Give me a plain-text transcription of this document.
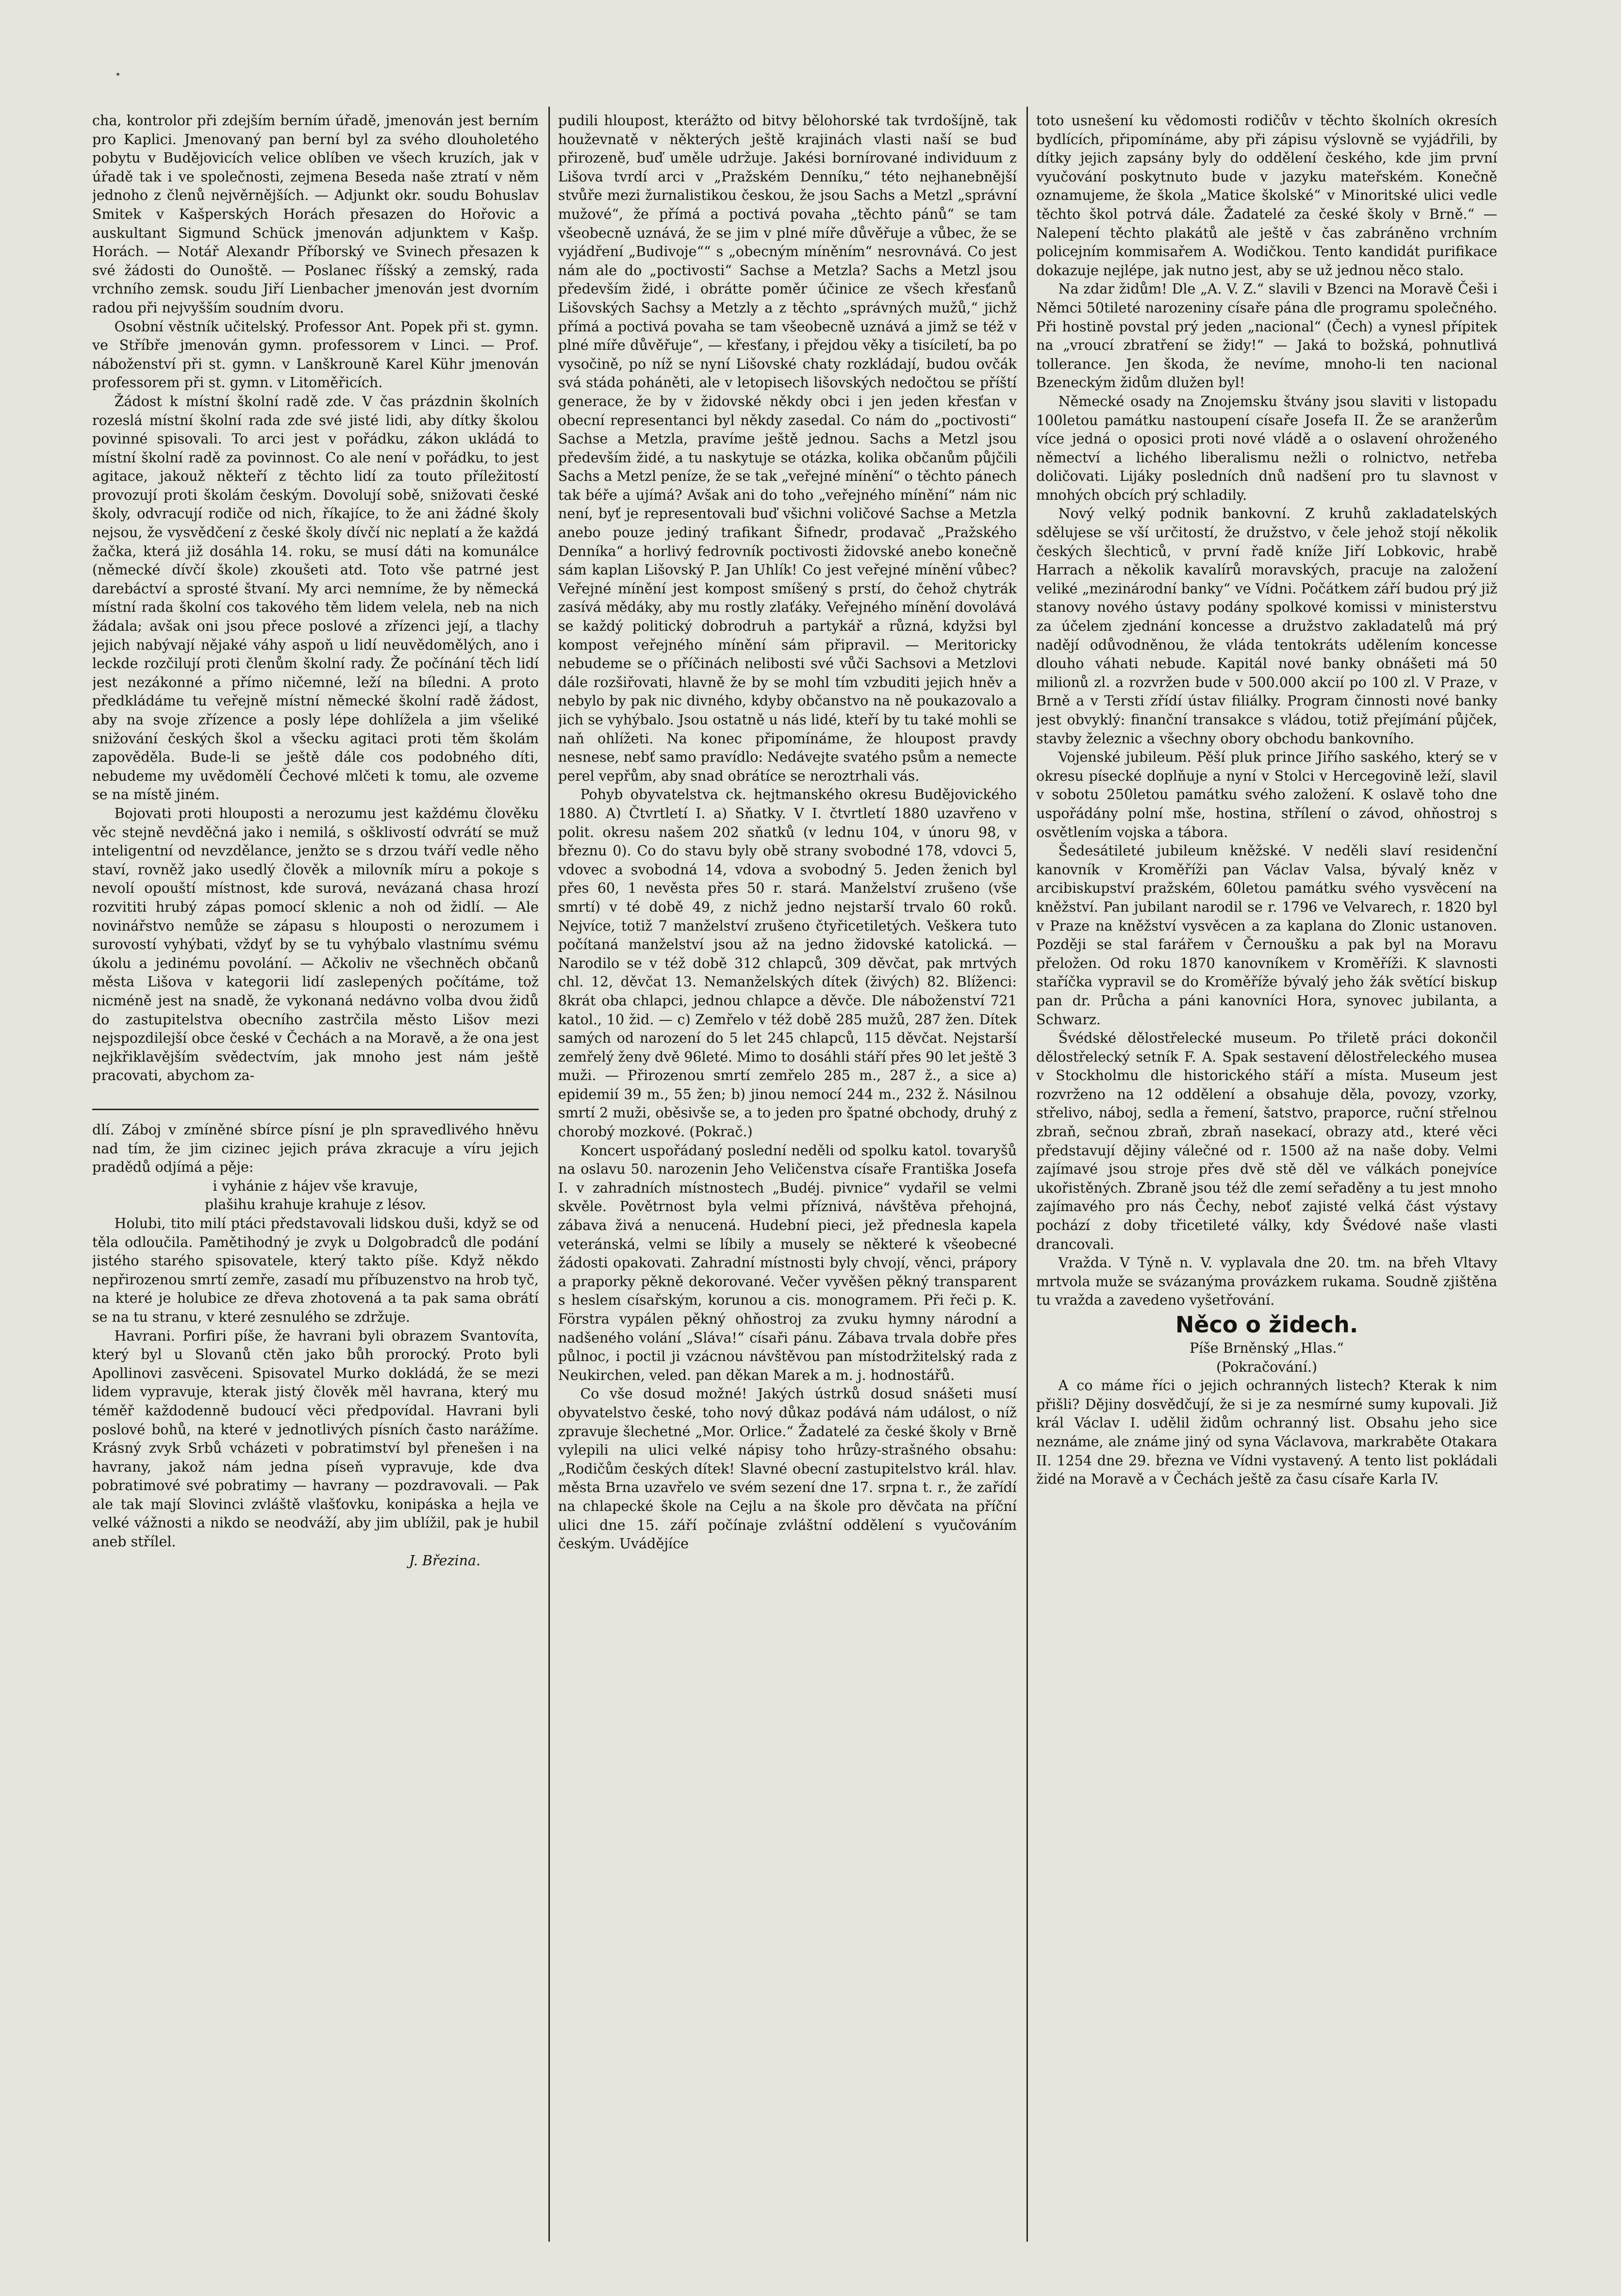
cha, kontrolor při zdejším berním úřadě, jmenován jest berním pro Kaplici. Jmenovaný pan berní byl za svého dlouholetého pobytu v Budějovicích velice oblíben ve všech kruzích, jak v úřadě tak i ve společnosti, zejmena Beseda naše ztratí v něm jednoho z členů nejvěrnějších. — Adjunkt okr. soudu Bohuslav Smitek v Kašperských Horách přesazen do Hořovic a auskultant Sigmund Schück jmenován adjunktem v Kašp. Horách. — Notář Alexandr Příborský ve Svinech přesazen k své žádosti do Ounoště. — Poslanec říšský a zemský, rada vrchního zemsk. soudu Jiří Lienbacher jmenován jest dvorním radou při nejvyšším soudním dvoru.

Osobní věstník učitelský. Professor Ant. Popek při st. gymn. ve Stříbře jmenován gymn. professorem v Linci. — Prof. náboženství při st. gymn. v Lanškrouně Karel Kühr jmenován professorem při st. gymn. v Litoměřicích.

Žádost k místní školní radě zde. V čas prázdnin školních rozeslá místní školní rada zde své jisté lidi, aby dítky školou povinné spisovali. To arci jest v pořádku, zákon ukládá to místní školní radě za povinnost. Co ale není v pořádku, to jest agitace, jakouž někteří z těchto lidí za touto příležitostí provozují proti školám českým. Dovolují sobě, snižovati české školy, odvracují rodiče od nich, říkajíce, to že ani žádné školy nejsou, že vysvědčení z české školy dívčí nic neplatí a že každá žačka, která již dosáhla 14. roku, se musí dáti na komunálce (německé dívčí škole) zkoušeti atd. Toto vše patrné jest darebáctví a sprosté štvaní. My arci nemníme, že by německá místní rada školní cos takového těm lidem velela, neb na nich žádala; avšak oni jsou přece poslové a zřízenci její, a tlachy jejich nabývají nějaké váhy aspoň u lidí neuvědomělých, ano i leckde rozčilují proti členům školní rady. Že počínání těch lidí jest nezákonné a přímo ničemné, leží na bíledni. A proto předkládáme tu veřejně místní německé školní radě žádost, aby na svoje zřízence a posly lépe dohlížela a jim všeliké snižování českých škol a všecku agitaci proti těm školám zapověděla. Bude-li se ještě dále cos podobného díti, nebudeme my uvědomělí Čechové mlčeti k tomu, ale ozveme se na místě jiném.

Bojovati proti hlouposti a nerozumu jest každému člověku věc stejně nevděčná jako i nemilá, s ošklivostí odvrátí se muž inteligentní od nevzdělance, jenžto se s drzou tváří vedle něho staví, rovněž jako usedlý člověk a milovník míru a pokoje s nevolí opouští místnost, kde surová, nevázaná chasa hrozí rozvititi hrubý zápas pomocí sklenic a noh od židlí. — Ale novinářstvo nemůže se zápasu s hlouposti o nerozumem i surovostí vyhýbati, vždyť by se tu vyhýbalo vlastnímu svému úkolu a jedinému povolání. — Ačkoliv ne všechněch občanů města Lišova v kategorii lidí zaslepených počítáme, tož nicméně jest na snadě, že vykonaná nedávno volba dvou židů do zastupitelstva obecního zastrčila město Lišov mezi nejspozdilejší obce české v Čechách a na Moravě, a že ona jest nejkřiklavějším svědectvím, jak mnoho jest nám ještě pracovati, abychom za-

dlí. Záboj v zmíněné sbírce písní je pln spravedlivého hněvu nad tím, že jim cizinec jejich práva zkracuje a víru jejich pradědů odjímá a pěje:

i vyhánie z hájev vše kravuje,

plašihu krahuje krahuje z lésov.

Holubi, tito milí ptáci představovali lidskou duši, když se od těla odloučila. Pamětihodný je zvyk u Dolgobradců dle podání jistého starého spisovatele, který takto píše. Když někdo nepřirozenou smrtí zemře, zasadí mu příbuzenstvo na hrob tyč, na které je holubice ze dřeva zhotovená a ta pak sama obrátí se na tu stranu, v které zesnulého se zdržuje.

Havrani. Porfiri píše, že havrani byli obrazem Svantovíta, který byl u Slovanů ctěn jako bůh prorocký. Proto byli Apollinovi zasvěceni. Spisovatel Murko dokládá, že se mezi lidem vypravuje, kterak jistý člověk měl havrana, který mu téměř každodenně budoucí věci předpovídal. Havrani byli poslové bohů, na které v jednotlivých písních často narážíme. Krásný zvyk Srbů vcházeti v pobratimství byl přenešen i na havrany, jakož nám jedna píseň vypravuje, kde dva pobratimové své pobratimy — havrany — pozdravovali. — Pak ale tak mají Slovinci zvláště vlašťovku, konipáska a hejla ve velké vážnosti a nikdo se neodváží, aby jim ublížil, pak je hubil aneb střílel.

J. Březina.

pudili hloupost, kterážto od bitvy bělohorské tak tvrdošíjně, tak houževnatě v některých ještě krajinách vlasti naší se buď přirozeně, buď uměle udržuje. Jakési bornírované individuum z Lišova tvrdí arci v „Pražském Denníku,“ této nejhanebnější stvůře mezi žurnalistikou českou, že jsou Sachs a Metzl „správní mužové“, že přímá a poctivá povaha „těchto pánů“ se tam všeobecně uznává, že se jim v plné míře důvěřuje a vůbec, že se vyjádření „Budivoje““ s „obecným míněním“ nesrovnává. Co jest nám ale do „poctivosti“ Sachse a Metzla? Sachs a Metzl jsou především židé, i obrátte poměr účinice ze všech křesťanů Lišovských Sachsy a Metzly a z těchto „správných mužů,“ jichž přímá a poctivá povaha se tam všeobecně uznává a jimž se též v plné míře důvěřuje“, — křesťany, i přejdou věky a tisíciletí, ba po vysočině, po níž se nyní Lišovské chaty rozkládají, budou ovčák svá stáda poháněti, ale v letopisech lišovských nedočtou se příští generace, že by v židovské někdy obci i jen jeden křesťan v obecní representanci byl někdy zasedal. Co nám do „poctivosti“ Sachse a Metzla, pravíme ještě jednou. Sachs a Metzl jsou především židé, a tu naskytuje se otázka, kolika občanům půjčili Sachs a Metzl peníze, že se tak „veřejné mínění“ o těchto pánech tak béře a ujímá? Avšak ani do toho „veřejného mínění“ nám nic není, byť je representovali buď všichni voličové Sachse a Metzla anebo pouze jediný trafikant Šifnedr, prodavač „Pražského Denníka“ a horlivý fedrovník poctivosti židovské anebo konečně sám kaplan Lišovský P. Jan Uhlík! Co jest veřejné mínění vůbec? Veřejné mínění jest kompost smíšený s prstí, do čehož chytrák zasívá mědáky, aby mu rostly zlaťáky. Veřejného mínění dovolává se každý politický dobrodruh a partykář a různá, kdyžsi byl kompost veřejného mínění sám připravil. — Meritoricky nebudeme se o příčinách nelibosti své vůči Sachsovi a Metzlovi dále rozšiřovati, hlavně že by se mohl tím vzbuditi jejich hněv a nebylo by pak nic divného, kdyby občanstvo na ně poukazovalo a jich se vyhýbalo. Jsou ostatně u nás lidé, kteří by tu také mohli se naň ohlížeti. Na konec připomínáme, že hloupost pravdy nesnese, nebť samo pravídlo: Nedávejte svatého psům a nemecte perel vepřům, aby snad obrátíce se neroztrhali vás.

Pohyb obyvatelstva ck. hejtmanského okresu Budějovického 1880. A) Čtvrtletí I. a) Sňatky. V I. čtvrtletí 1880 uzavřeno v polit. okresu našem 202 sňatků (v lednu 104, v únoru 98, v březnu 0). Co do stavu byly obě strany svobodné 178, vdovci 5, vdovec a svobodná 14, vdova a svobodný 5. Jeden ženich byl přes 60, 1 nevěsta přes 50 r. stará. Manželství zrušeno (vše smrtí) v té době 49, z nichž jedno nejstarší trvalo 60 roků. Nejvíce, totiž 7 manželství zrušeno čtyřicetiletých. Veškera tuto počítaná manželství jsou až na jedno židovské katolická. — Narodilo se v též době 312 chlapců, 309 děvčat, pak mrtvých chl. 12, děvčat 13. Nemanželských dítek (živých) 82. Blíženci: 8krát oba chlapci, jednou chlapce a děvče. Dle náboženství 721 katol., 10 žid. — c) Zemřelo v též době 285 mužů, 287 žen. Dítek samých od narození do 5 let 245 chlapců, 115 děvčat. Nejstarší zemřelý ženy dvě 96leté. Mimo to dosáhli stáří přes 90 let ještě 3 muži. — Přirozenou smrtí zemřelo 285 m., 287 ž., a sice a) epidemií 39 m., 55 žen; b) jinou nemocí 244 m., 232 ž. Násilnou smrtí 2 muži, oběsivše se, a to jeden pro špatné obchody, druhý z chorobý mozkové. (Pokrač.)

Koncert uspořádaný poslední neděli od spolku katol. tovaryšů na oslavu 50. narozenin Jeho Veličenstva císaře Františka Josefa I. v zahradních místnostech „Budéj. pivnice“ vydařil se velmi skvěle. Povětrnost byla velmi příznivá, návštěva přehojná, zábava živá a nenucená. Hudební pieci, jež přednesla kapela veteránská, velmi se líbily a musely se některé k všeobecné žádosti opakovati. Zahradní místnosti byly chvojí, věnci, prápory a praporky pěkně dekorované. Večer vyvěšen pěkný transparent s heslem císařským, korunou a cis. monogramem. Při řeči p. K. Förstra vypálen pěkný ohňostroj za zvuku hymny národní a nadšeného volání „Sláva!“ císaři pánu. Zábava trvala dobře přes půlnoc, i poctil ji vzácnou návštěvou pan místodržitelský rada z Neukirchen, veled. pan děkan Marek a m. j. hodnostářů.

Co vše dosud možné! Jakých ústrků dosud snášeti musí obyvatelstvo české, toho nový důkaz podává nám událost, o níž zpravuje šlechetné „Mor. Orlice.“ Žadatelé za české školy v Brně vylepili na ulici velké nápisy toho hrůzy-strašného obsahu: „Rodičům českých dítek! Slavné obecní zastupitelstvo král. hlav. města Brna uzavřelo ve svém sezení dne 17. srpna t. r., že zařídí na chlapecké škole na Cejlu a na škole pro děvčata na příční ulici dne 15. září počínaje zvláštní oddělení s vyučováním českým. Uvádějíce

toto usnešení ku vědomosti rodičův v těchto školních okresích bydlících, připomínáme, aby při zápisu výslovně se vyjádřili, by dítky jejich zapsány byly do oddělení českého, kde jim první vyučování poskytnuto bude v jazyku mateřském. Konečně oznamujeme, že škola „Matice školské“ v Minoritské ulici vedle těchto škol potrvá dále. Žadatelé za české školy v Brně.“ — Nalepení těchto plakátů ale ještě v čas zabráněno vrchním policejním kommisařem A. Wodičkou. Tento kandidát purifikace dokazuje nejlépe, jak nutno jest, aby se už jednou něco stalo.

Na zdar židům! Dle „A. V. Z.“ slavili v Bzenci na Moravě Češi i Němci 50tileté narozeniny císaře pána dle programu společného. Při hostině povstal prý jeden „nacional“ (Čech) a vynesl přípitek na „vroucí zbratření se židy!“ — Jaká to božská, pohnutlivá tollerance. Jen škoda, že nevíme, mnoho-li ten nacional Bzeneckým židům dlužen byl!

Německé osady na Znojemsku štvány jsou slaviti v listopadu 100letou památku nastoupení císaře Josefa II. Že se aranžerům více jedná o oposici proti nové vládě a o oslavení ohroženého němectví a lichého liberalismu nežli o rolnictvo, netřeba doličovati. Lijáky posledních dnů nadšení pro tu slavnost v mnohých obcích prý schladily.

Nový velký podnik bankovní. Z kruhů zakladatelských sdělujese se vší určitostí, že družstvo, v čele jehož stojí několik českých šlechticů, v první řadě kníže Jiří Lobkovic, hrabě Harrach a několik kavalírů moravských, pracuje na založení veliké „mezinárodní banky“ ve Vídni. Počátkem září budou prý již stanovy nového ústavy podány spolkové komissi v ministerstvu za účelem zjednání koncesse a družstvo zakladatelů má prý nadějí odůvodněnou, že vláda tentokráts udělením koncesse dlouho váhati nebude. Kapitál nové banky obnášeti má 50 milionů zl. a rozvržen bude v 500.000 akcií po 100 zl. V Praze, v Brně a v Tersti zřídí ústav filiálky. Program činnosti nové banky jest obvyklý: finanční transakce s vládou, totiž přejímání půjček, stavby železnic a všechny obory obchodu bankovního.

Vojenské jubileum. Pěší pluk prince Jiřího saského, který se v okresu písecké doplňuje a nyní v Stolci v Hercegovině leží, slavil v sobotu 250letou památku svého založení. K oslavě toho dne uspořádány polní mše, hostina, střílení o závod, ohňostroj s osvětlením vojska a tábora.

Šedesátileté jubileum kněžské. V neděli slaví residenční kanovník v Kroměříži pan Václav Valsa, bývalý kněz v arcibiskupství pražském, 60letou památku svého vysvěcení na kněžství. Pan jubilant narodil se r. 1796 ve Velvarech, r. 1820 byl v Praze na kněžství vysvěcen a za kaplana do Zlonic ustanoven. Později se stal farářem v Černoušku a pak byl na Moravu přeložen. Od roku 1870 kanovníkem v Kroměříži. K slavnosti staříčka vypravil se do Kroměříže bývalý jeho žák světící biskup pan dr. Průcha a páni kanovníci Hora, synovec jubilanta, a Schwarz.

Švédské dělostřelecké museum. Po třiletě práci dokončil dělostřelecký setník F. A. Spak sestavení dělostřeleckého musea v Stockholmu dle historického stáří a místa. Museum jest rozvrženo na 12 oddělení a obsahuje děla, povozy, vzorky, střelivo, náboj, sedla a řemení, šatstvo, praporce, ruční střelnou zbraň, sečnou zbraň, zbraň nasekací, obrazy atd., které věci představují dějiny válečné od r. 1500 až na naše doby. Velmi zajímavé jsou stroje přes dvě stě děl ve válkách ponejvíce ukořistěných. Zbraně jsou též dle zemí seřaděny a tu jest mnoho zajímavého pro nás Čechy, neboť zajisté velká část výstavy pochází z doby třicetileté války, kdy Švédové naše vlasti drancovali.

Vražda. V Týně n. V. vyplavala dne 20. tm. na břeh Vltavy mrtvola muže se svázanýma provázkem rukama. Soudně zjištěna tu vražda a zavedeno vyšetřování.

Něco o židech.

Píše Brněnský „Hlas.“

(Pokračování.)

A co máme říci o jejich ochranných listech? Kterak k nim přišli? Dějiny dosvědčují, že si je za nesmírné sumy kupovali. Již král Václav I. udělil židům ochranný list. Obsahu jeho sice neznáme, ale známe jiný od syna Václavova, markraběte Otakara II. 1254 dne 29. března ve Vídni vystavený. A tento list pokládali židé na Moravě a v Čechách ještě za času císaře Karla IV.
